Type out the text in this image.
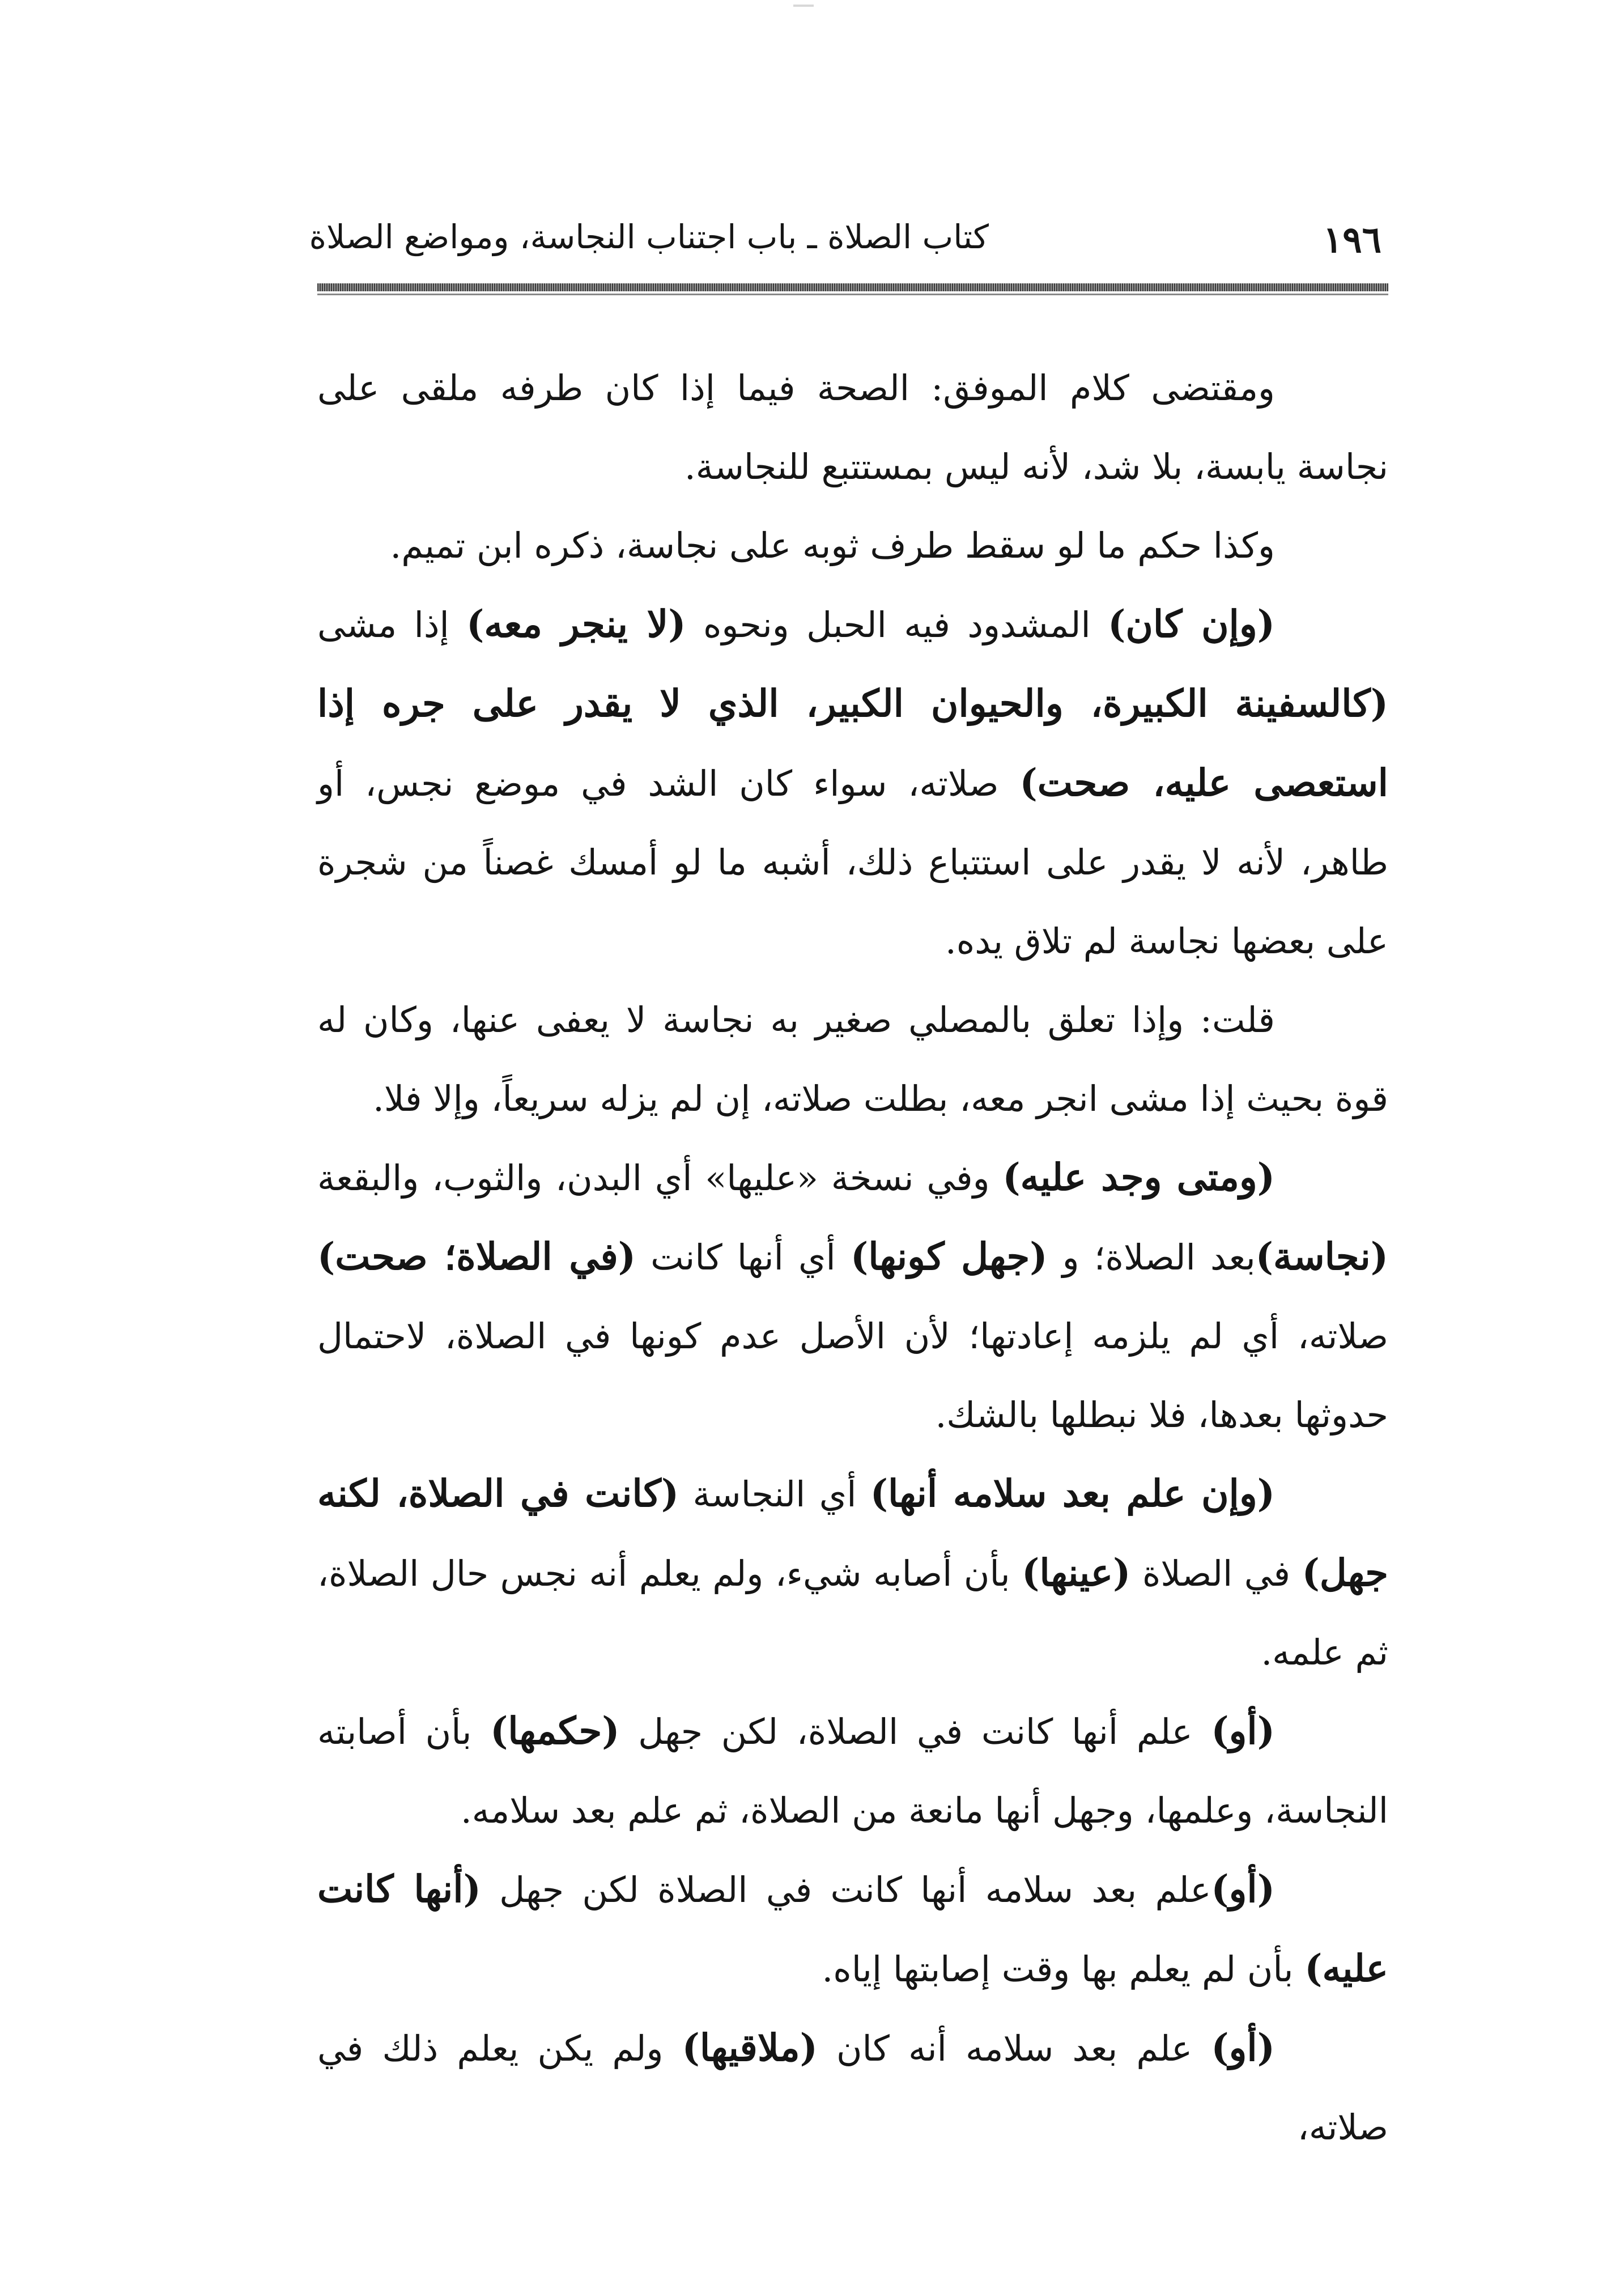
كتاب الصلاة ـ باب اجتناب النجاسة، ومواضع الصلاة	١٩٦

ومقتضى كلام الموفق: الصحة فيما إذا كان طرفه ملقى على نجاسة يابسة، بلا شد، لأنه ليس بمستتبع للنجاسة.

وكذا حكم ما لو سقط طرف ثوبه على نجاسة، ذكره ابن تميم.

(وإن كان) المشدود فيه الحبل ونحوه (لا ينجر معه) إذا مشى (كالسفينة الكبيرة، والحيوان الكبير، الذي لا يقدر على جره إذا استعصى عليه، صحت) صلاته، سواء كان الشد في موضع نجس، أو طاهر، لأنه لا يقدر على استتباع ذلك، أشبه ما لو أمسك غصناً من شجرة على بعضها نجاسة لم تلاق يده.

قلت: وإذا تعلق بالمصلي صغير به نجاسة لا يعفى عنها، وكان له قوة بحيث إذا مشى انجر معه، بطلت صلاته، إن لم يزله سريعاً، وإلا فلا.

(ومتى وجد عليه) وفي نسخة «عليها» أي البدن، والثوب، والبقعة (نجاسة)بعد الصلاة؛ و (جهل كونها) أي أنها كانت (في الصلاة؛ صحت) صلاته، أي لم يلزمه إعادتها؛ لأن الأصل عدم كونها في الصلاة، لاحتمال حدوثها بعدها، فلا نبطلها بالشك.

(وإن علم بعد سلامه أنها) أي النجاسة (كانت في الصلاة، لكنه جهل) في الصلاة (عينها) بأن أصابه شيء، ولم يعلم أنه نجس حال الصلاة، ثم علمه.

(أو) علم أنها كانت في الصلاة، لكن جهل (حكمها) بأن أصابته النجاسة، وعلمها، وجهل أنها مانعة من الصلاة، ثم علم بعد سلامه.

(أو)علم بعد سلامه أنها كانت في الصلاة لكن جهل (أنها كانت عليه) بأن لم يعلم بها وقت إصابتها إياه.

(أو) علم بعد سلامه أنه كان (ملاقيها) ولم يكن يعلم ذلك في صلاته،
